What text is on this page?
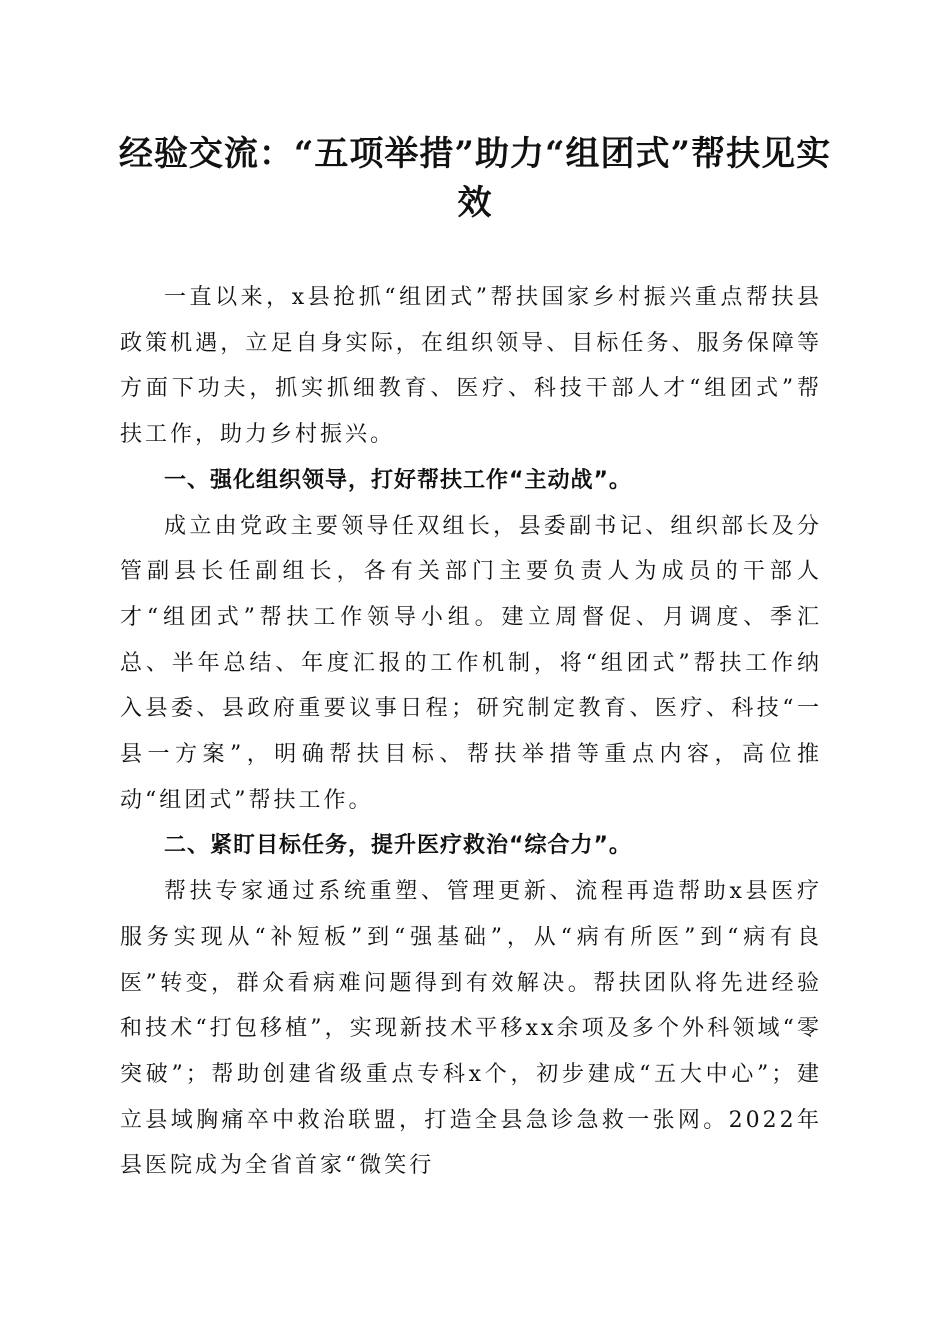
经验交流：“五项举措”助力“组团式”帮扶见实效

一直以来，x县抢抓“组团式”帮扶国家乡村振兴重点帮扶县政策机遇，立足自身实际，在组织领导、目标任务、服务保障等方面下功夫，抓实抓细教育、医疗、科技干部人才“组团式”帮扶工作，助力乡村振兴。

一、强化组织领导，打好帮扶工作“主动战”。

成立由党政主要领导任双组长，县委副书记、组织部长及分管副县长任副组长，各有关部门主要负责人为成员的干部人才“组团式”帮扶工作领导小组。建立周督促、月调度、季汇总、半年总结、年度汇报的工作机制，将“组团式”帮扶工作纳入县委、县政府重要议事日程；研究制定教育、医疗、科技“一县一方案”，明确帮扶目标、帮扶举措等重点内容，高位推动“组团式”帮扶工作。

二、紧盯目标任务，提升医疗救治“综合力”。

帮扶专家通过系统重塑、管理更新、流程再造帮助x县医疗服务实现从“补短板”到“强基础”，从“病有所医”到“病有良医”转变，群众看病难问题得到有效解决。帮扶团队将先进经验和技术“打包移植”，实现新技术平移xx余项及多个外科领域“零突破”；帮助创建省级重点专科x个，初步建成“五大中心”；建立县域胸痛卒中救治联盟，打造全县急诊急救一张网。2022年县医院成为全省首家“微笑行
